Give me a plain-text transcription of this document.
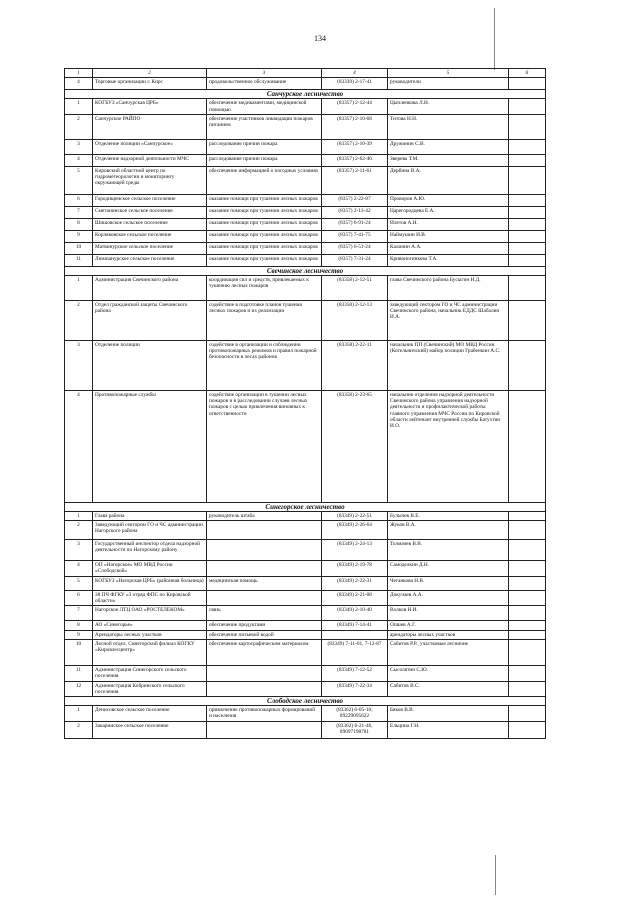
134
1	2	3	4	5	6
4	Торговые организации г. Кирс	продовольственное обслуживание	(83339) 2-17-41	руководители	
Санчурское лесничество					
1	КОГБУЗ «Санчурская ЦРБ»	обеспечение медикаментами, медицинской помощью	(83357) 2-12-44	Цыпленкова Л.Н.	
2	Санчурское РАЙПО	обеспечение участников ликвидации пожаров питанием	(83357) 2-10-68	Титова Н.Н.	
3	Отделение полиции «Санчурское»	расследование причин пожара	(83357) 2-10-39	Дружинин С.В.	
4	Отделение надзорной деятельности МЧС	расследование причин пожара	(83357) 2-62-46	Зверева Т.М.	
5	Кировский областной центр по гидрометеорологии и мониторингу окружающей среды	обеспечение информацией о погодных условиях	(83357) 2-11-61	Дербина В.А.	
6	Городищенское сельское поселение	оказание помощи при тушении лесных пожаров	(8357) 2-22-87	Проворов А.Ю.	
7	Сметанинское сельское поселение	оказание помощи при тушении лесных пожаров	(8357) 2-13-42	Царегородцева Е.А.	
8	Шишовское сельское поселение	оказание помощи при тушении лесных пожаров	(8357) 6-91-24	Илетов А.Н.	
9	Корляковское сельское поселение	оказание помощи при тушении лесных пожаров	(8357) 7-41-75	Наймушин И.В.	
10	Матвинурское сельское поселение	оказание помощи при тушении лесных пожаров	(8357) 6-51-24	Калинин А.А.	
11	Люмпанурское сельское поселение	оказание помощи при тушении лесных пожаров	(8357) 7-31-24	Кривоногинкова Т.А.	
Свечинское лесничество					
1	Администрация Свечинского района	координация сил и средств, привлекаемых к тушению лесных пожаров	(83358) 2-12-51	глава Свечинского района Бусыгин Н.Д.	
2	Отдел гражданской защиты Свечинского района	содействие в подготовке планов тушения лесных пожаров и их реализации	(83358) 2-12-13	заведующий сектором ГО и ЧС администрации Свечинского района, начальник ЕДДС Шабалин И.А.	
3	Отделение полиции	содействие в организации и соблюдении противопожарных режимов и правил пожарной безопасности в лесах районов	(83358) 2-22-11	начальник ПП (Свечинский) МО МВД России (Котельничский) майор полиции Грабенкин А.С.	
4	Противопожарные службы	содействие организации в тушении лесных пожаров и в расследовании случаев лесных пожаров с целью привлечения виновных к ответственности	(83358) 2-23-65	начальник отделения надзорной деятельности Свечинского района управления надзорной деятельности и профилактической работы главного управления МЧС России по Кировской области лейтенант внутренней службы Батухтин И.О.	
Синегорское лесничество					
1	Глава района	руководитель штаба	(83349) 2-22-51	Булычев В.Е.	
2	Заведующий сектором ГО и ЧС администрации Нагорского района		(83349) 2-26-64	Жуков В.А.	
3	Государственный инспектор отдела надзорной деятельности по Нагорскому району		(83349) 2-24-13	Толмачев В.В.	
4	ОП «Нагорское» МО МВД России «Слободской»		(83349) 2-19-78	Самоделкин Д.Н.	
5	КОГБУЗ «Нагорская ЦРБ» (районная больница)	медицинская помощь	(83349) 2-22-31	Чеганкова Н.В.	
6	38 ПЧ ФГКУ «3 отряд ФПС по Кировской области»		(83349) 2-21-08	Докучаев А.А.	
7	Нагорское ЛТЦ ОАО «РОСТЕЛЕКОМ»	связь	(83349) 2-10-40	Волков Н.И.	
8	АО «Синегорье»	обеспечение продуктами	(83349) 7-14-41	Опшев А.Г.	
9	Арендаторы лесных участков	обеспечение питьевой водой		арендаторы лесных участков	
10	Лесной отдел, Синегорский филиал КОГКУ «Кировлесцентр»	обеспечение картографическим материалом	(83349) 7-11-01, 7-12-87	Сабитов Р.Р., участковые лесничие	
11	Администрация Синегорского сельского поселения		(83349) 7-12-52	Сысолятин С.Ю.	
12	Администрация Кобринского сельского поселения		(83349) 7-22-34	Сабитов В.С.	
Слободское лесничество					
1	Денисовское сельское поселение	привлечение противопожарных формирований и населения	(83362) 6-05-10; 89229095622	Бяков В.В.	
2	Закаринское сельское поселение		(83362) 6-21-46, 89097198781	Ельцина Г.Н.	
